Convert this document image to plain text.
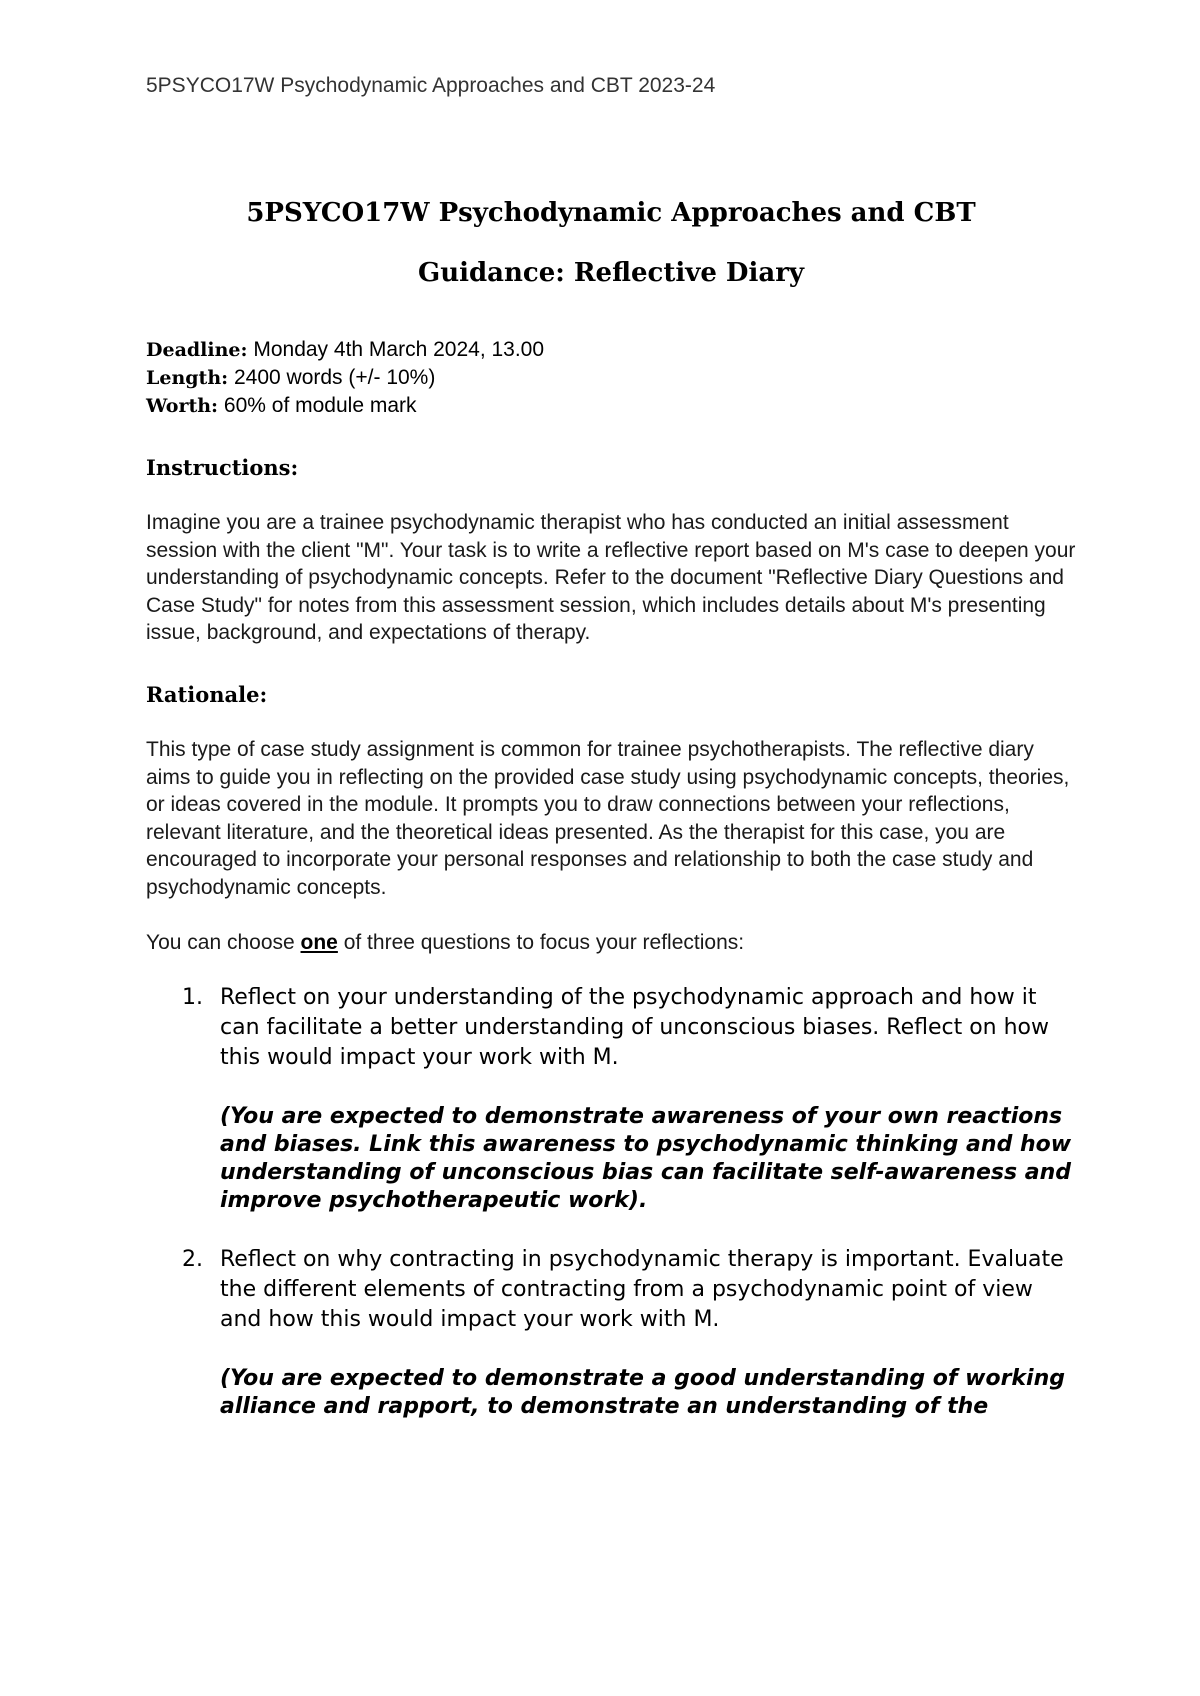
5PSYCO17W Psychodynamic Approaches and CBT 2023-24
5PSYCO17W Psychodynamic Approaches and CBT
Guidance: Reflective Diary
Deadline: Monday 4th March 2024, 13.00
Length: 2400 words (+/- 10%)
Worth: 60% of module mark
Instructions:

Imagine you are a trainee psychodynamic therapist who has conducted an initial assessment session with the client "M". Your task is to write a reflective report based on M's case to deepen your understanding of psychodynamic concepts. Refer to the document "Reflective Diary Questions and Case Study" for notes from this assessment session, which includes details about M's presenting issue, background, and expectations of therapy.

Rationale:

This type of case study assignment is common for trainee psychotherapists. The reflective diary aims to guide you in reflecting on the provided case study using psychodynamic concepts, theories, or ideas covered in the module. It prompts you to draw connections between your reflections, relevant literature, and the theoretical ideas presented. As the therapist for this case, you are encouraged to incorporate your personal responses and relationship to both the case study and psychodynamic concepts.

You can choose one of three questions to focus your reflections:

1. Reflect on your understanding of the psychodynamic approach and how it can facilitate a better understanding of unconscious biases. Reflect on how this would impact your work with M.

(You are expected to demonstrate awareness of your own reactions and biases. Link this awareness to psychodynamic thinking and how understanding of unconscious bias can facilitate self-awareness and improve psychotherapeutic work).

2. Reflect on why contracting in psychodynamic therapy is important. Evaluate the different elements of contracting from a psychodynamic point of view and how this would impact your work with M.

(You are expected to demonstrate a good understanding of working alliance and rapport, to demonstrate an understanding of the
